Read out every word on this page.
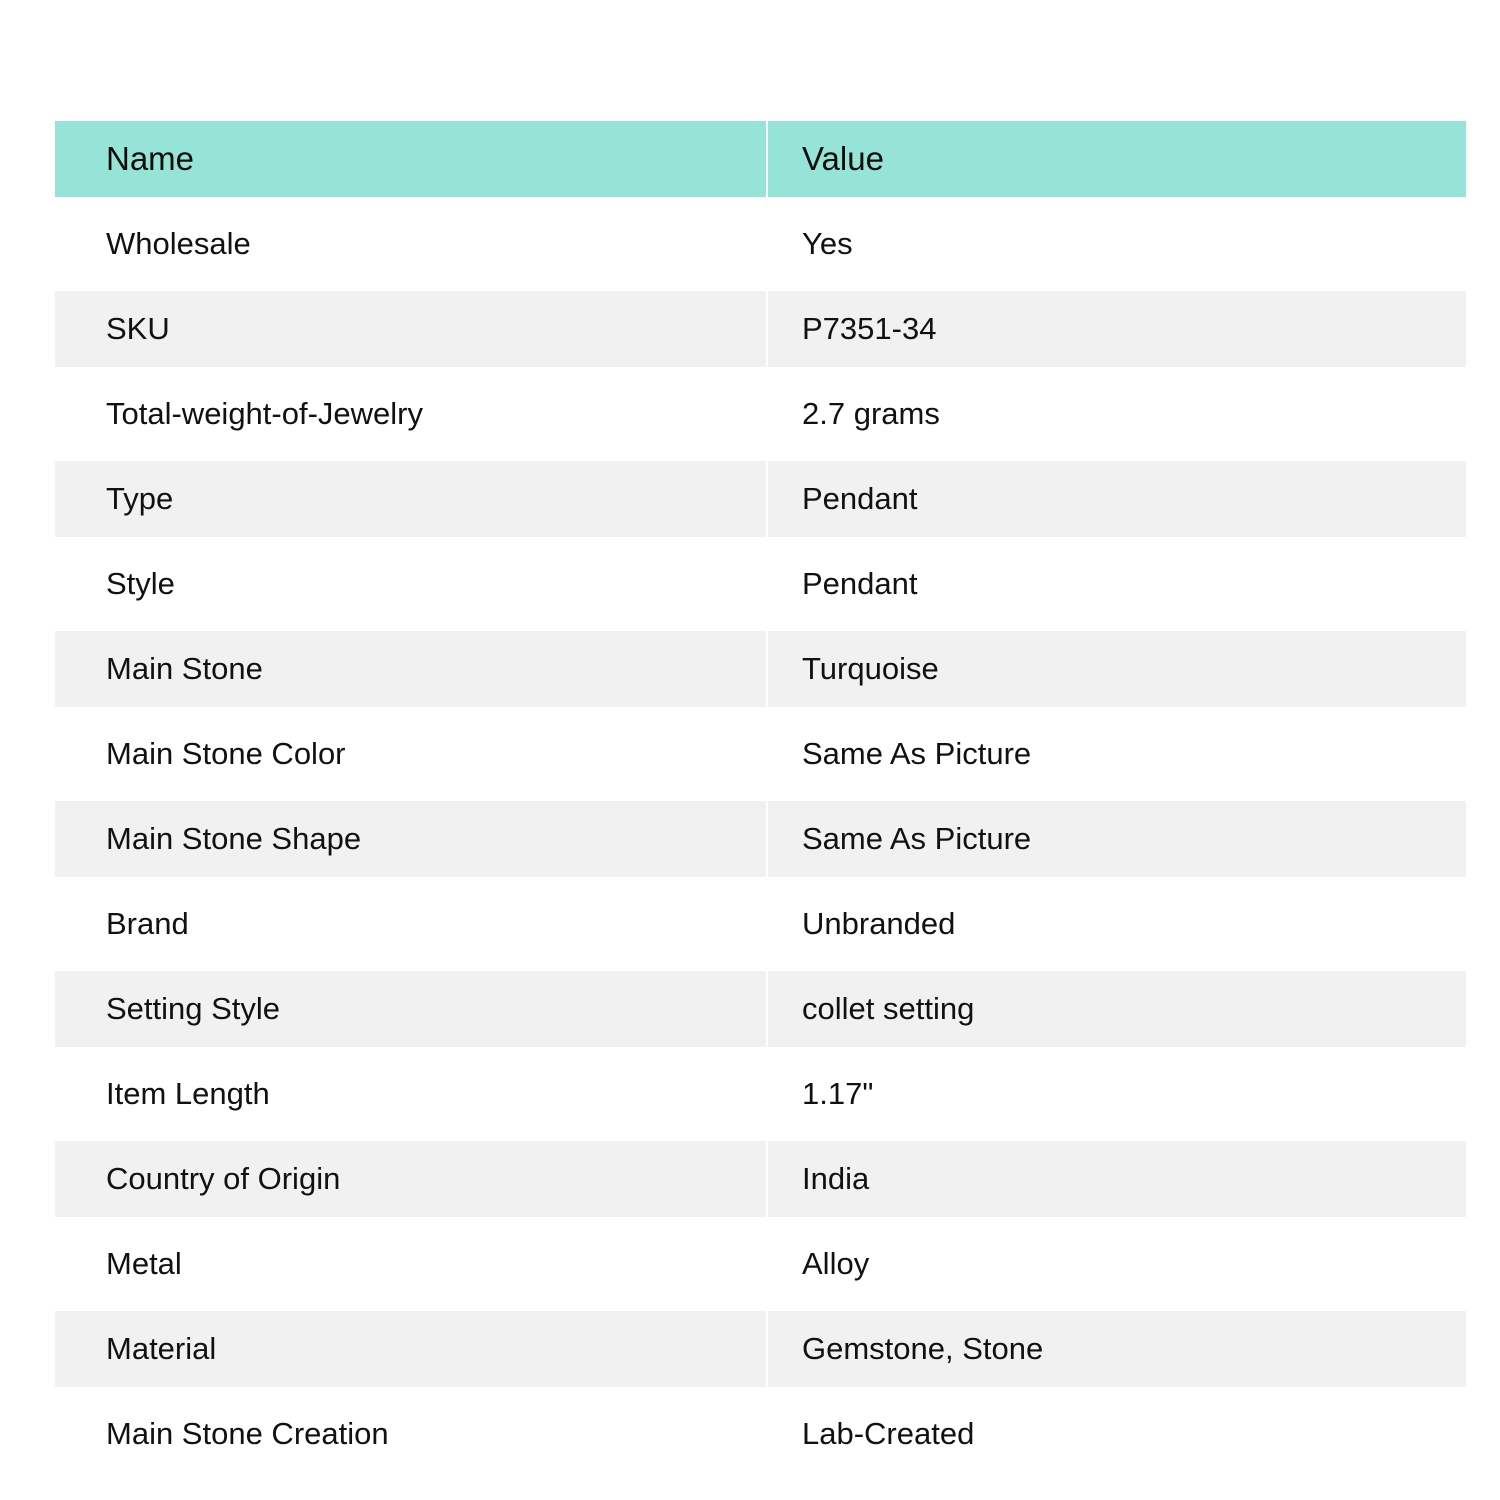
Name	Value
Wholesale	Yes
SKU	P7351-34
Total-weight-of-Jewelry	2.7 grams
Type	Pendant
Style	Pendant
Main Stone	Turquoise
Main Stone Color	Same As Picture
Main Stone Shape	Same As Picture
Brand	Unbranded
Setting Style	collet setting
Item Length	1.17"
Country of Origin	India
Metal	Alloy
Material	Gemstone, Stone
Main Stone Creation	Lab-Created
